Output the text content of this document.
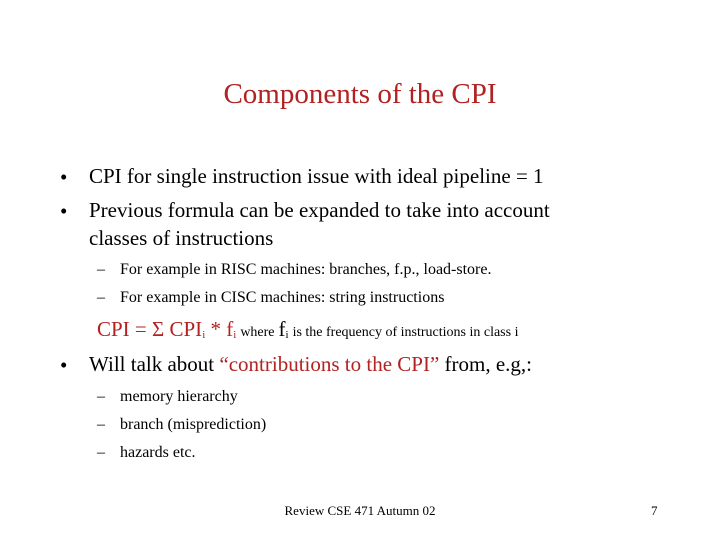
Components of the CPI
• CPI for single instruction issue with ideal pipeline = 1
• Previous formula can be expanded to take into account
classes of instructions
– For example in RISC machines: branches, f.p., load-store.
– For example in CISC machines: string instructions
CPI = Σ $CPI_i * f_i$ where $f_i$ is the frequency of instructions in class i
• Will talk about “contributions to the CPI” from, e.g,:
– memory hierarchy
– branch (misprediction)
– hazards etc.
Review CSE 471 Autumn 02	7
